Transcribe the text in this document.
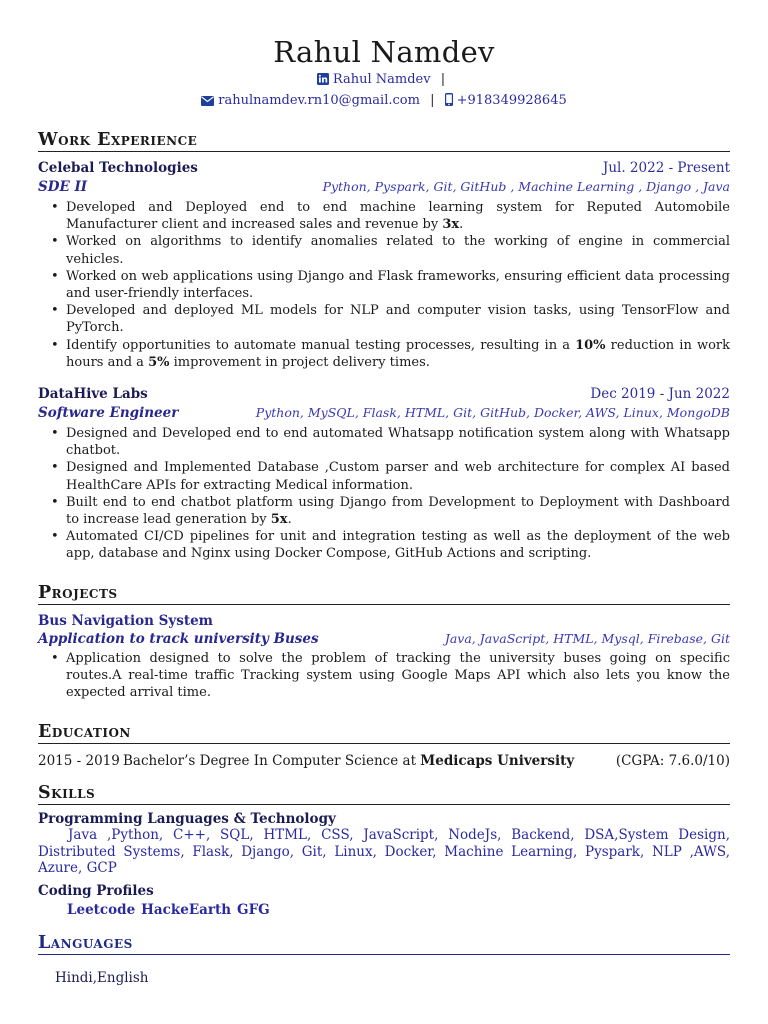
Rahul Namdev
Rahul Namdev |
rahulnamdev.rn10@gmail.com | +918349928645
Work Experience
Celebal Technologies	Jul. 2022 - Present
SDE II	Python, Pyspark, Git, GitHub , Machine Learning , Django , Java
• Developed and Deployed end to end machine learning system for Reputed Automobile Manufacturer client and increased sales and revenue by 3x.
• Worked on algorithms to identify anomalies related to the working of engine in commercial vehicles.
• Worked on web applications using Django and Flask frameworks, ensuring efficient data processing and user-friendly interfaces.
• Developed and deployed ML models for NLP and computer vision tasks, using TensorFlow and PyTorch.
• Identify opportunities to automate manual testing processes, resulting in a 10% reduction in work hours and a 5% improvement in project delivery times.
DataHive Labs	Dec 2019 - Jun 2022
Software Engineer	Python, MySQL, Flask, HTML, Git, GitHub, Docker, AWS, Linux, MongoDB
• Designed and Developed end to end automated Whatsapp notification system along with Whatsapp chatbot.
• Designed and Implemented Database ,Custom parser and web architecture for complex AI based HealthCare APIs for extracting Medical information.
• Built end to end chatbot platform using Django from Development to Deployment with Dashboard to increase lead generation by 5x.
• Automated CI/CD pipelines for unit and integration testing as well as the deployment of the web app, database and Nginx using Docker Compose, GitHub Actions and scripting.
Projects
Bus Navigation System
Application to track university Buses	Java, JavaScript, HTML, Mysql, Firebase, Git
• Application designed to solve the problem of tracking the university buses going on specific routes.A real-time traffic Tracking system using Google Maps API which also lets you know the expected arrival time.
Education
2015 - 2019 Bachelor’s Degree In Computer Science at Medicaps University	(CGPA: 7.6.0/10)
Skills
Programming Languages & Technology
Java ,Python, C++, SQL, HTML, CSS, JavaScript, NodeJs, Backend, DSA,System Design, Distributed Systems, Flask, Django, Git, Linux, Docker, Machine Learning, Pyspark, NLP ,AWS, Azure, GCP
Coding Profiles
Leetcode HackeEarth GFG
Languages
Hindi,English
